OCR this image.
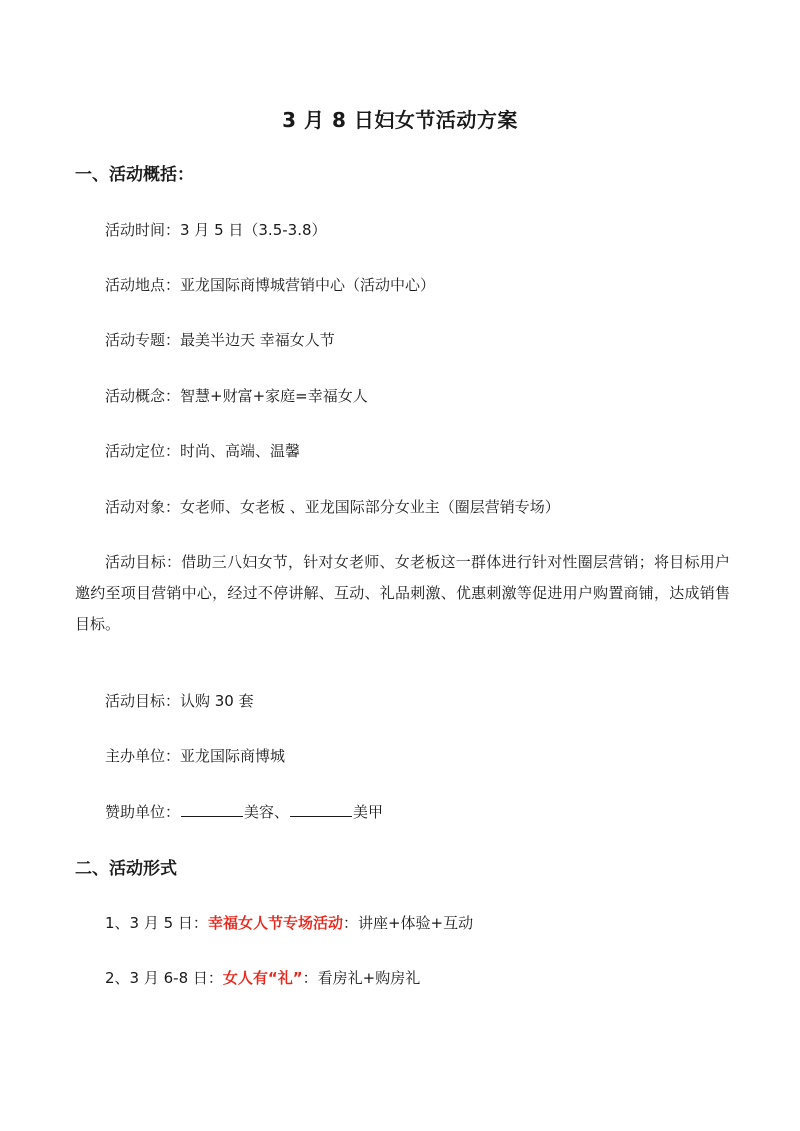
3 月 8 日妇女节活动方案
一、活动概括：
活动时间：3 月 5 日（3.5-3.8）
活动地点：亚龙国际商博城营销中心（活动中心）
活动专题：最美半边天 幸福女人节
活动概念：智慧+财富+家庭=幸福女人
活动定位：时尚、高端、温馨
活动对象：女老师、女老板 、亚龙国际部分女业主（圈层营销专场）
活动目标：借助三八妇女节，针对女老师、女老板这一群体进行针对性圈层营销；将目标用户邀约至项目营销中心，经过不停讲解、互动、礼品刺激、优惠刺激等促进用户购置商铺，达成销售目标。
活动目标：认购 30 套
主办单位：亚龙国际商博城
赞助单位：	美容、	美甲
二、活动形式
1、3 月 5 日：幸福女人节专场活动：讲座+体验+互动
2、3 月 6-8 日：女人有“礼”：看房礼+购房礼
